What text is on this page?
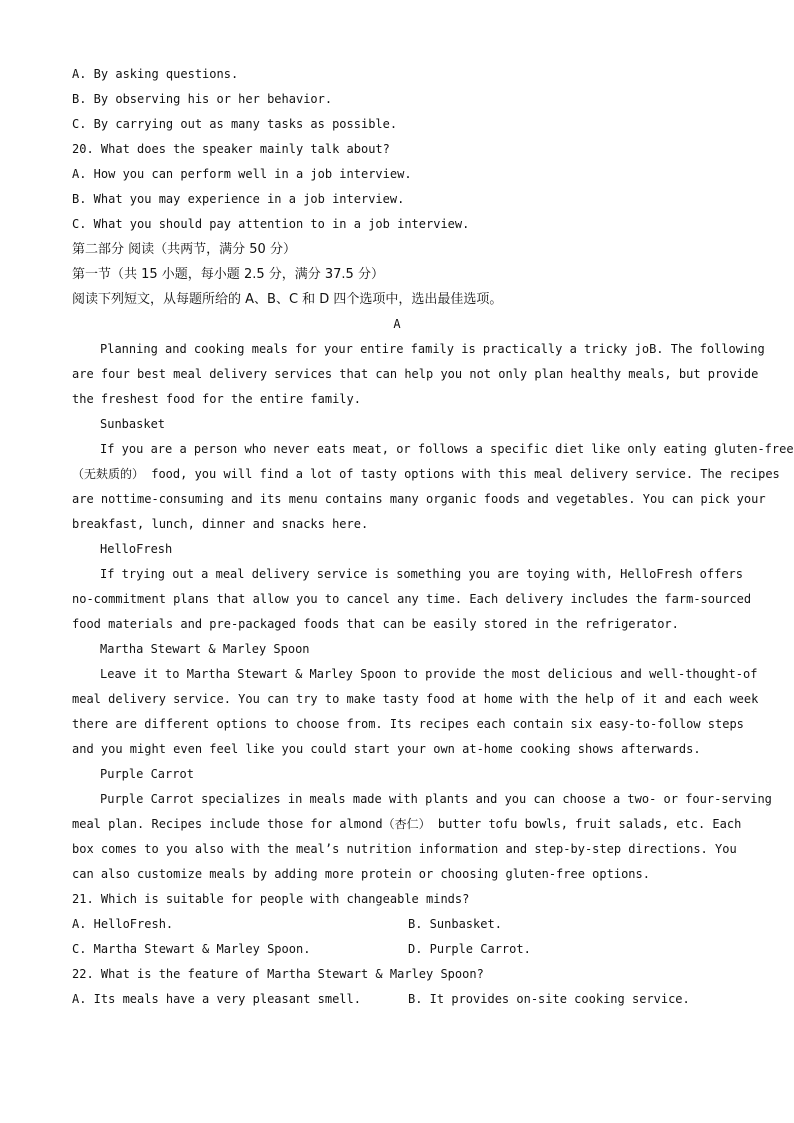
A. By asking questions.
B. By observing his or her behavior.
C. By carrying out as many tasks as possible.
20. What does the speaker mainly talk about?
A. How you can perform well in a job interview.
B. What you may experience in a job interview.
C. What you should pay attention to in a job interview.
第二部分 阅读（共两节，满分 50 分）
第一节（共 15 小题，每小题 2.5 分，满分 37.5 分）
阅读下列短文，从每题所给的 A、B、C 和 D 四个选项中，选出最佳选项。
A
Planning and cooking meals for your entire family is practically a tricky joB. The following
are four best meal delivery services that can help you not only plan healthy meals, but provide
the freshest food for the entire family.
Sunbasket
If you are a person who never eats meat, or follows a specific diet like only eating gluten-free
（无麸质的） food, you will find a lot of tasty options with this meal delivery service. The recipes
are nottime-consuming and its menu contains many organic foods and vegetables. You can pick your
breakfast, lunch, dinner and snacks here.
HelloFresh
If trying out a meal delivery service is something you are toying with, HelloFresh offers
no-commitment plans that allow you to cancel any time. Each delivery includes the farm-sourced
food materials and pre-packaged foods that can be easily stored in the refrigerator.
Martha Stewart & Marley Spoon
Leave it to Martha Stewart & Marley Spoon to provide the most delicious and well-thought-of
meal delivery service. You can try to make tasty food at home with the help of it and each week
there are different options to choose from. Its recipes each contain six easy-to-follow steps
and you might even feel like you could start your own at-home cooking shows afterwards.
Purple Carrot
Purple Carrot specializes in meals made with plants and you can choose a two- or four-serving
meal plan. Recipes include those for almond（杏仁） butter tofu bowls, fruit salads, etc. Each
box comes to you also with the meal’s nutrition information and step-by-step directions. You
can also customize meals by adding more protein or choosing gluten-free options.
21. Which is suitable for people with changeable minds?
A. HelloFresh.	B. Sunbasket.
C. Martha Stewart & Marley Spoon.	D. Purple Carrot.
22. What is the feature of Martha Stewart & Marley Spoon?
A. Its meals have a very pleasant smell.	B. It provides on-site cooking service.
